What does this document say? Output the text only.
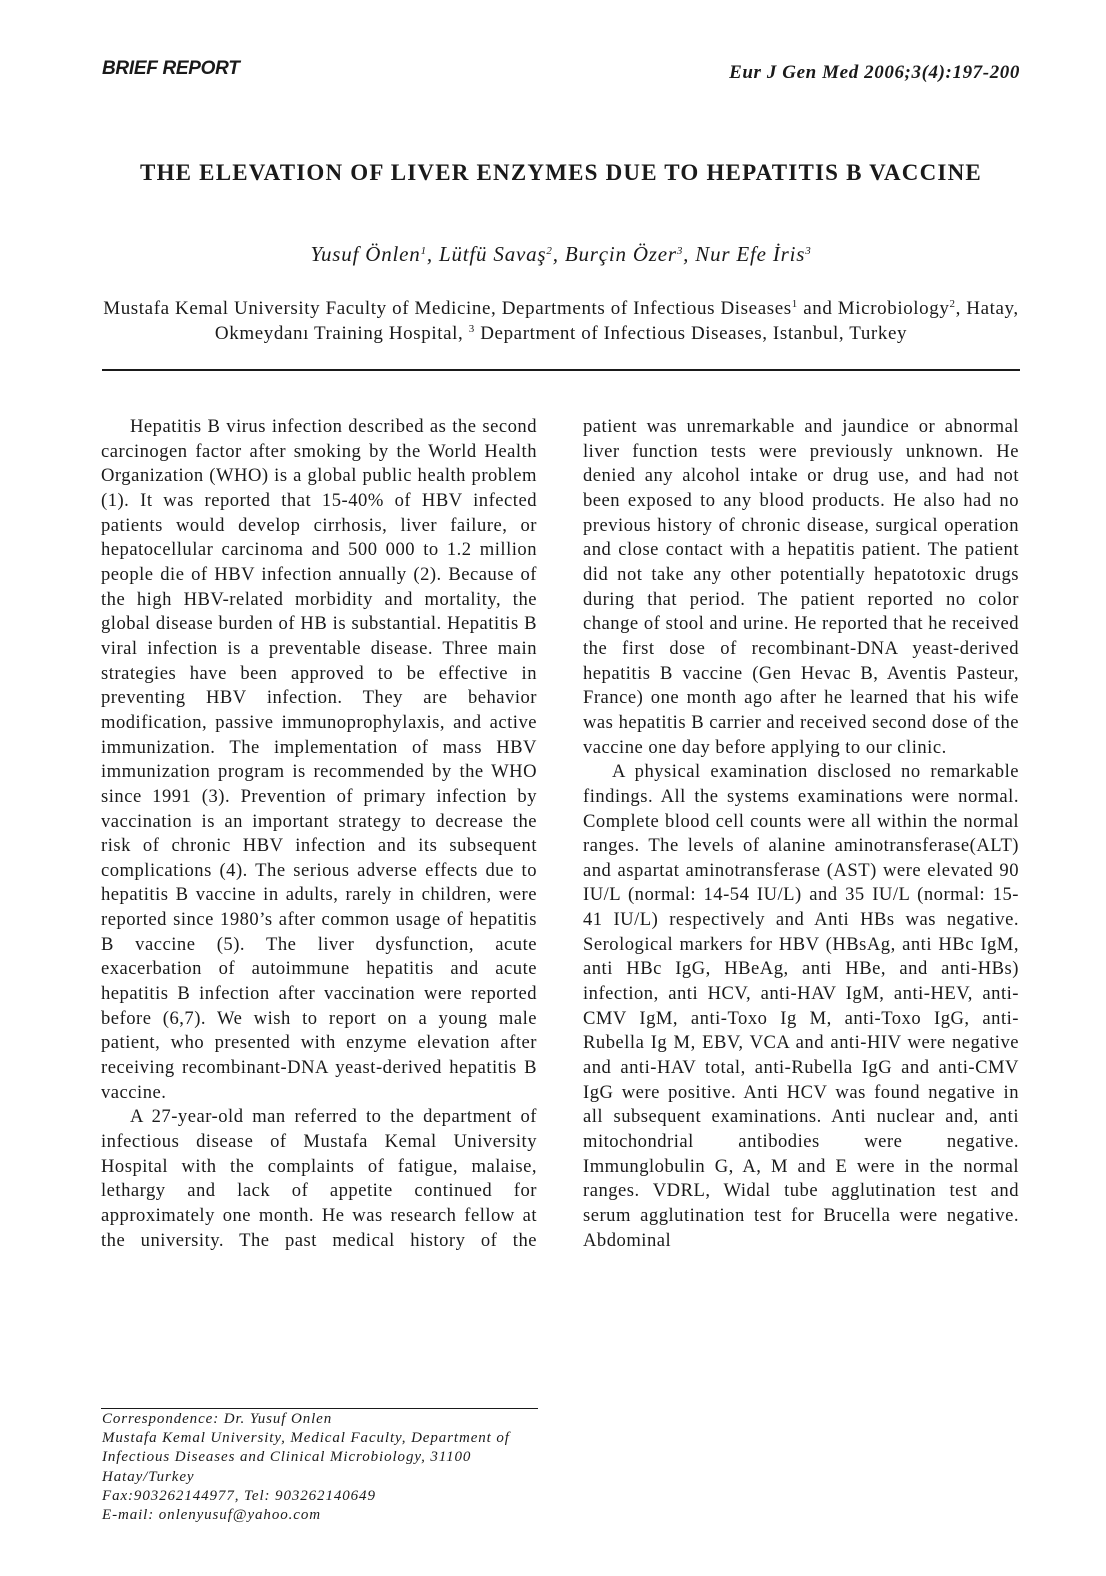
BRIEF REPORT	Eur J Gen Med 2006;3(4):197-200
THE ELEVATION OF LIVER ENZYMES DUE TO HEPATITIS B VACCINE
Yusuf Önlen$^1$, Lütfü Savaş$^2$, Burçin Özer$^3$, Nur Efe İris$^3$
Mustafa Kemal University Faculty of Medicine, Departments of Infectious Diseases$^1$ and Microbiology$^2$, Hatay, Okmeydanı Training Hospital, $^3$ Department of Infectious Diseases, Istanbul, Turkey

Hepatitis B virus infection described as the second carcinogen factor after smoking by the World Health Organization (WHO) is a global public health problem (1). It was reported that 15-40% of HBV infected patients would develop cirrhosis, liver failure, or hepatocellular carcinoma and 500 000 to 1.2 million people die of HBV infection annually (2). Because of the high HBV-related morbidity and mortality, the global disease burden of HB is substantial. Hepatitis B viral infection is a preventable disease. Three main strategies have been approved to be effective in preventing HBV infection. They are behavior modification, passive immunoprophylaxis, and active immunization. The implementation of mass HBV immunization program is recommended by the WHO since 1991 (3). Prevention of primary infection by vaccination is an important strategy to decrease the risk of chronic HBV infection and its subsequent complications (4). The serious adverse effects due to hepatitis B vaccine in adults, rarely in children, were reported since 1980’s after common usage of hepatitis B vaccine (5). The liver dysfunction, acute exacerbation of autoimmune hepatitis and acute hepatitis B infection after vaccination were reported before (6,7). We wish to report on a young male patient, who presented with enzyme elevation after receiving recombinant-DNA yeast-derived hepatitis B vaccine.

A 27-year-old man referred to the department of infectious disease of Mustafa Kemal University Hospital with the complaints of fatigue, malaise, lethargy and lack of appetite continued for approximately one month. He was research fellow at the university. The past medical history of the

patient was unremarkable and jaundice or abnormal liver function tests were previously unknown. He denied any alcohol intake or drug use, and had not been exposed to any blood products. He also had no previous history of chronic disease, surgical operation and close contact with a hepatitis patient. The patient did not take any other potentially hepatotoxic drugs during that period. The patient reported no color change of stool and urine. He reported that he received the first dose of recombinant-DNA yeast-derived hepatitis B vaccine (Gen Hevac B, Aventis Pasteur, France) one month ago after he learned that his wife was hepatitis B carrier and received second dose of the vaccine one day before applying to our clinic.

A physical examination disclosed no remarkable findings. All the systems examinations were normal. Complete blood cell counts were all within the normal ranges. The levels of alanine aminotransferase(ALT) and aspartat aminotransferase (AST) were elevated 90 IU/L (normal: 14-54 IU/L) and 35 IU/L (normal: 15-41 IU/L) respectively and Anti HBs was negative. Serological markers for HBV (HBsAg, anti HBc IgM, anti HBc IgG, HBeAg, anti HBe, and anti-HBs) infection, anti HCV, anti-HAV IgM, anti-HEV, anti-CMV IgM, anti-Toxo Ig M, anti-Toxo IgG, anti-Rubella Ig M, EBV, VCA and anti-HIV were negative and anti-HAV total, anti-Rubella IgG and anti-CMV IgG were positive. Anti HCV was found negative in all subsequent examinations. Anti nuclear and, anti mitochondrial antibodies were negative. Immunglobulin G, A, M and E were in the normal ranges. VDRL, Widal tube agglutination test and serum agglutination test for Brucella were negative. Abdominal

Correspondence: Dr. Yusuf Onlen
Mustafa Kemal University, Medical Faculty, Department of Infectious Diseases and Clinical Microbiology, 31100 Hatay/Turkey
Fax:903262144977, Tel: 903262140649
E-mail: onlenyusuf@yahoo.com
